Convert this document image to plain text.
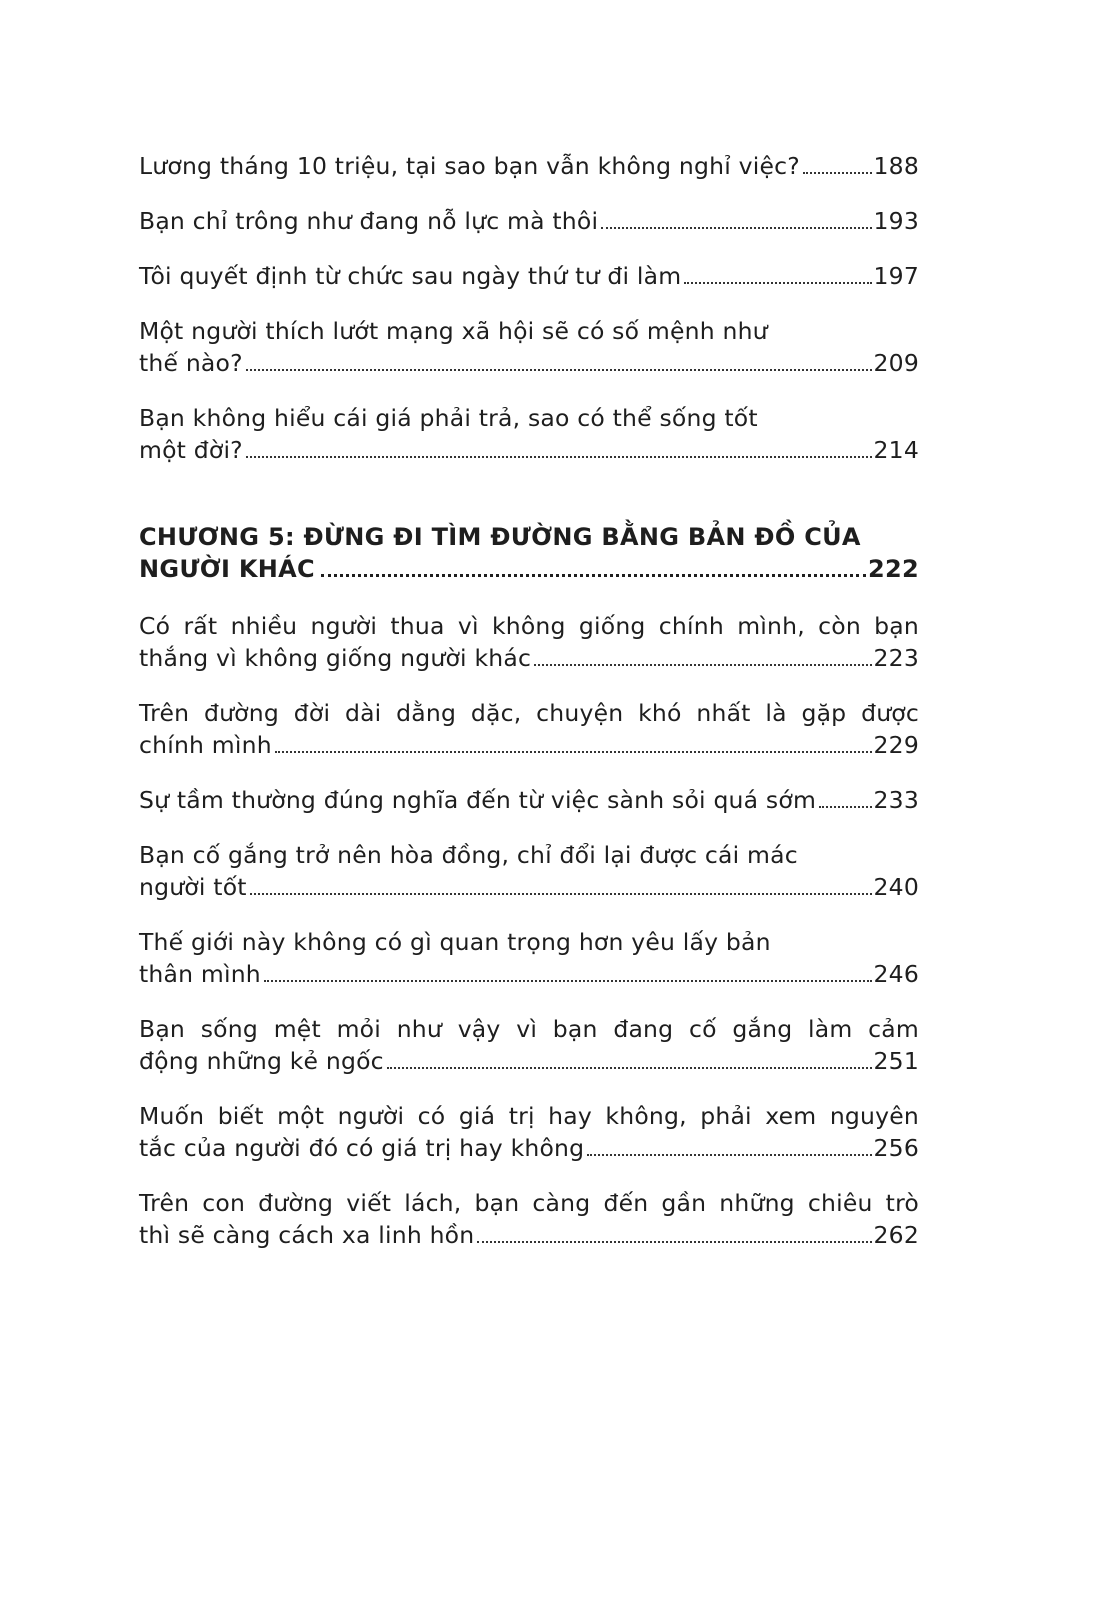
Lương tháng 10 triệu, tại sao bạn vẫn không nghỉ việc?	188
Bạn chỉ trông như đang nỗ lực mà thôi	193
Tôi quyết định từ chức sau ngày thứ tư đi làm	197
Một người thích lướt mạng xã hội sẽ có số mệnh như
thế nào?	209
Bạn không hiểu cái giá phải trả, sao có thể sống tốt
một đời?	214
CHƯƠNG 5: ĐỪNG ĐI TÌM ĐƯỜNG BẰNG BẢN ĐỒ CỦA
NGƯỜI KHÁC	222
Có rất nhiều người thua vì không giống chính mình, còn bạn
thắng vì không giống người khác	223
Trên đường đời dài dằng dặc, chuyện khó nhất là gặp được
chính mình	229
Sự tầm thường đúng nghĩa đến từ việc sành sỏi quá sớm 233
Bạn cố gắng trở nên hòa đồng, chỉ đổi lại được cái mác
người tốt	240
Thế giới này không có gì quan trọng hơn yêu lấy bản
thân mình	246
Bạn sống mệt mỏi như vậy vì bạn đang cố gắng làm cảm
động những kẻ ngốc	251
Muốn biết một người có giá trị hay không, phải xem nguyên
tắc của người đó có giá trị hay không	256
Trên con đường viết lách, bạn càng đến gần những chiêu trò
thì sẽ càng cách xa linh hồn	262
